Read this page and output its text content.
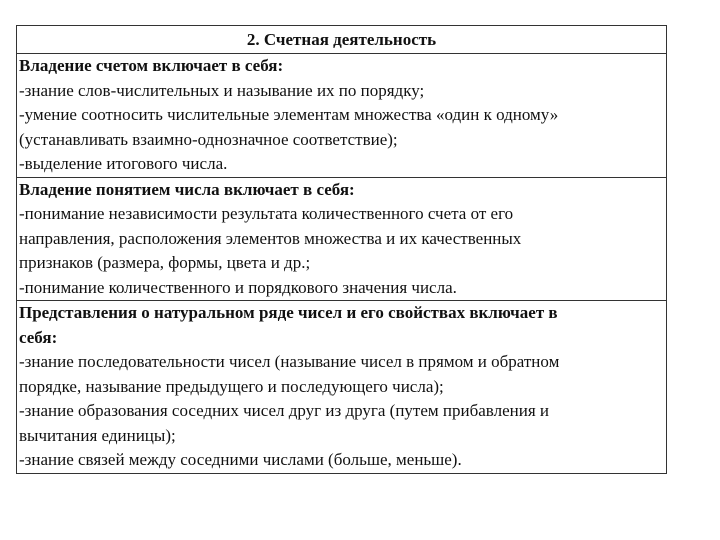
2. Счетная деятельность
Владение счетом включает в себя:
-знание слов-числительных и называние их по порядку;
-умение соотносить числительные элементам множества «один к одному»
(устанавливать взаимно-однозначное соответствие);
-выделение итогового числа.
Владение понятием числа включает в себя:
-понимание независимости результата количественного счета от его
направления, расположения элементов множества и их качественных
признаков (размера, формы, цвета и др.;
-понимание количественного и порядкового значения числа.
Представления о натуральном ряде чисел и его свойствах включает в
себя:
-знание последовательности чисел (называние чисел в прямом и обратном
порядке, называние предыдущего и последующего числа);
-знание образования соседних чисел друг из друга (путем прибавления и
вычитания единицы);
-знание связей между соседними числами (больше, меньше).
